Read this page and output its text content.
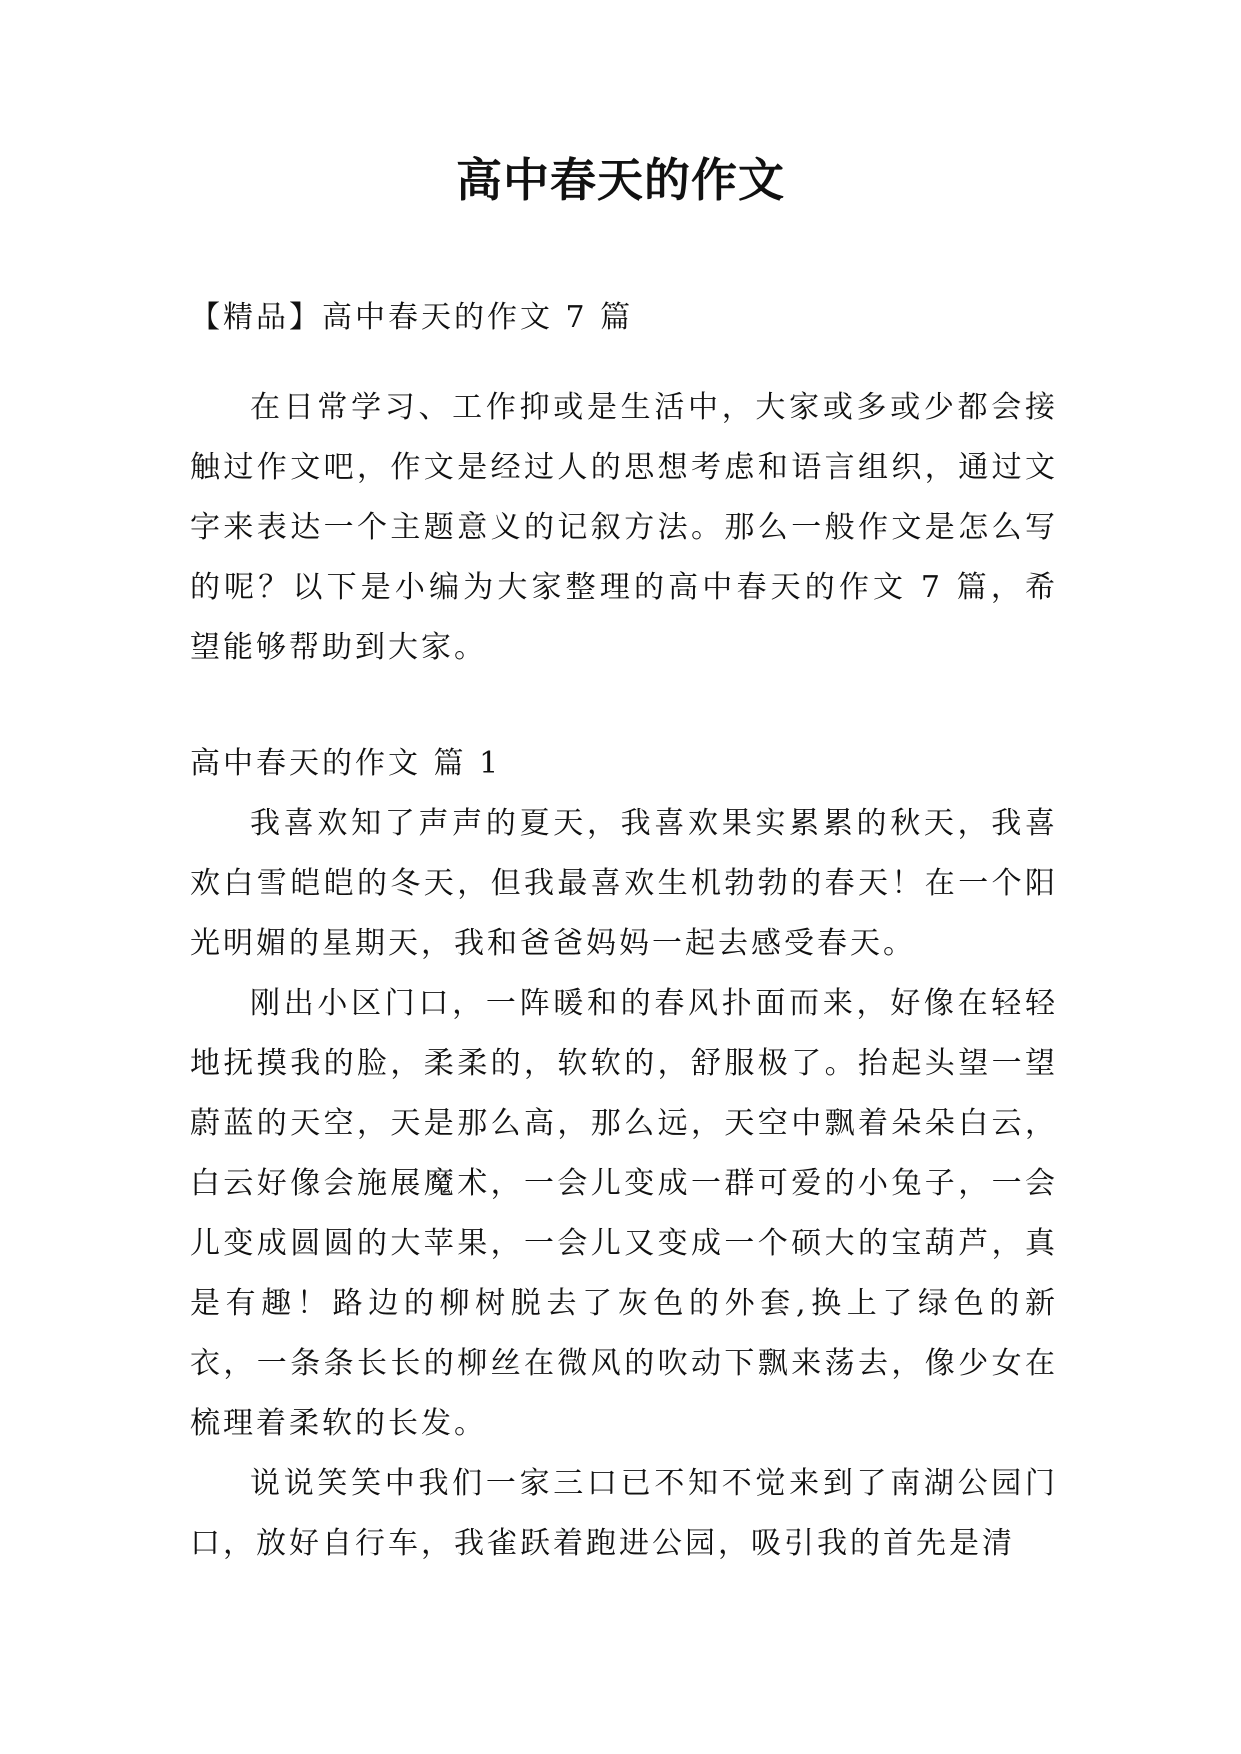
高中春天的作文

【精品】高中春天的作文 7 篇

在日常学习、工作抑或是生活中，大家或多或少都会接触过作文吧，作文是经过人的思想考虑和语言组织，通过文字来表达一个主题意义的记叙方法。那么一般作文是怎么写的呢？以下是小编为大家整理的高中春天的作文 7 篇，希望能够帮助到大家。

高中春天的作文 篇 1

我喜欢知了声声的夏天，我喜欢果实累累的秋天，我喜欢白雪皑皑的冬天，但我最喜欢生机勃勃的春天！在一个阳光明媚的星期天，我和爸爸妈妈一起去感受春天。

刚出小区门口，一阵暖和的春风扑面而来，好像在轻轻地抚摸我的脸，柔柔的，软软的，舒服极了。抬起头望一望蔚蓝的天空，天是那么高，那么远，天空中飘着朵朵白云，白云好像会施展魔术，一会儿变成一群可爱的小兔子，一会儿变成圆圆的大苹果，一会儿又变成一个硕大的宝葫芦，真是有趣！路边的柳树脱去了灰色的外套,换上了绿色的新衣，一条条长长的柳丝在微风的吹动下飘来荡去，像少女在梳理着柔软的长发。

说说笑笑中我们一家三口已不知不觉来到了南湖公园门口，放好自行车，我雀跃着跑进公园，吸引我的首先是清
